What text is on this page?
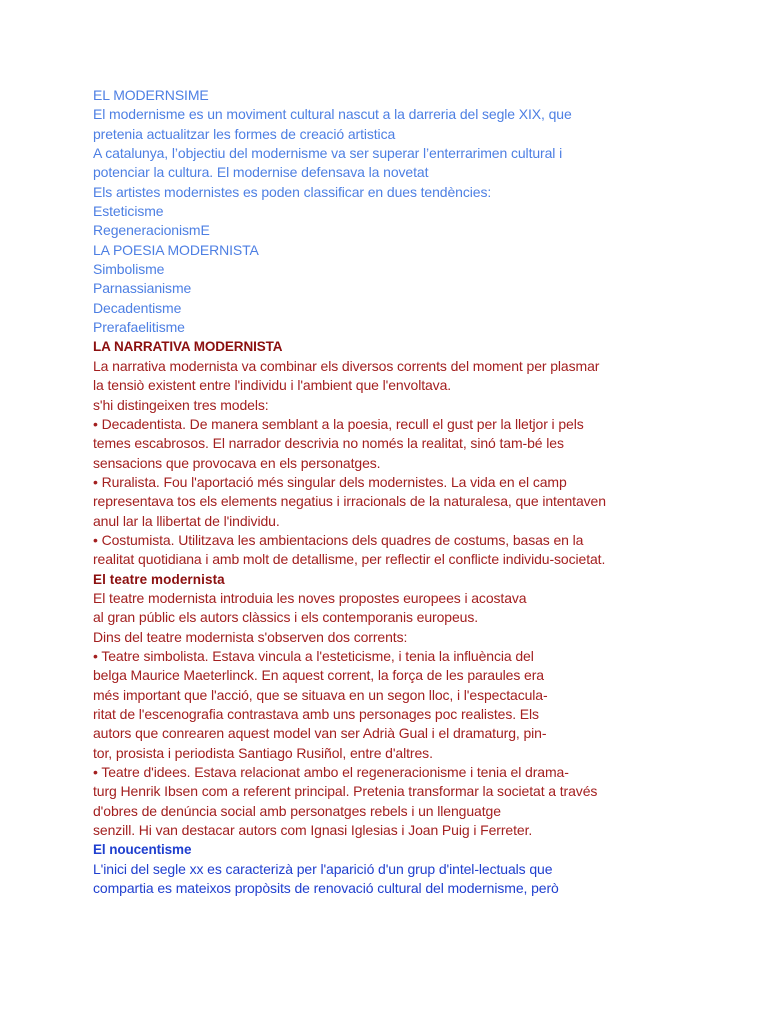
EL MODERNSIME
El modernisme es un moviment cultural nascut a la darreria del segle XIX, que
pretenia actualitzar les formes de creació artistica
A catalunya, l’objectiu del modernisme va ser superar l’enterrarimen cultural i
potenciar la cultura. El modernise defensava la novetat
Els artistes modernistes es poden classificar en dues tendències:
Esteticisme
RegeneracionismE
LA POESIA MODERNISTA
Simbolisme
Parnassianisme
Decadentisme
Prerafaelitisme
LA NARRATIVA MODERNISTA
La narrativa modernista va combinar els diversos corrents del moment per plasmar
la tensiò existent entre l'individu i l'ambient que l'envoltava.
s'hi distingeixen tres models:
• Decadentista. De manera semblant a la poesia, recull el gust per la lletjor i pels
temes escabrosos. El narrador descrivia no només la realitat, sinó tam-bé les
sensacions que provocava en els personatges.
• Ruralista. Fou l'aportació més singular dels modernistes. La vida en el camp
representava tos els elements negatius i irracionals de la naturalesa, que intentaven
anul lar la llibertat de l'individu.
• Costumista. Utilitzava les ambientacions dels quadres de costums, basas en la
realitat quotidiana i amb molt de detallisme, per reflectir el conflicte individu-societat.
El teatre modernista
El teatre modernista introduia les noves propostes europees i acostava
al gran públic els autors clàssics i els contemporanis europeus.
Dins del teatre modernista s'observen dos corrents:
• Teatre simbolista. Estava vincula a l'esteticisme, i tenia la influència del
belga Maurice Maeterlinck. En aquest corrent, la força de les paraules era
més important que l'acció, que se situava en un segon lloc, i l'espectacula-
ritat de l'escenografia contrastava amb uns personages poc realistes. Els
autors que conrearen aquest model van ser Adrià Gual i el dramaturg, pin-
tor, prosista i periodista Santiago Rusiñol, entre d'altres.
• Teatre d'idees. Estava relacionat ambo el regeneracionisme i tenia el drama-
turg Henrik Ibsen com a referent principal. Pretenia transformar la societat a través
d'obres de denúncia social amb personatges rebels i un llenguatge
senzill. Hi van destacar autors com Ignasi Iglesias i Joan Puig i Ferreter.
El noucentisme
L'inici del segle xx es caracterizà per l'aparició d'un grup d'intel-lectuals que
compartia es mateixos propòsits de renovació cultural del modernisme, però
